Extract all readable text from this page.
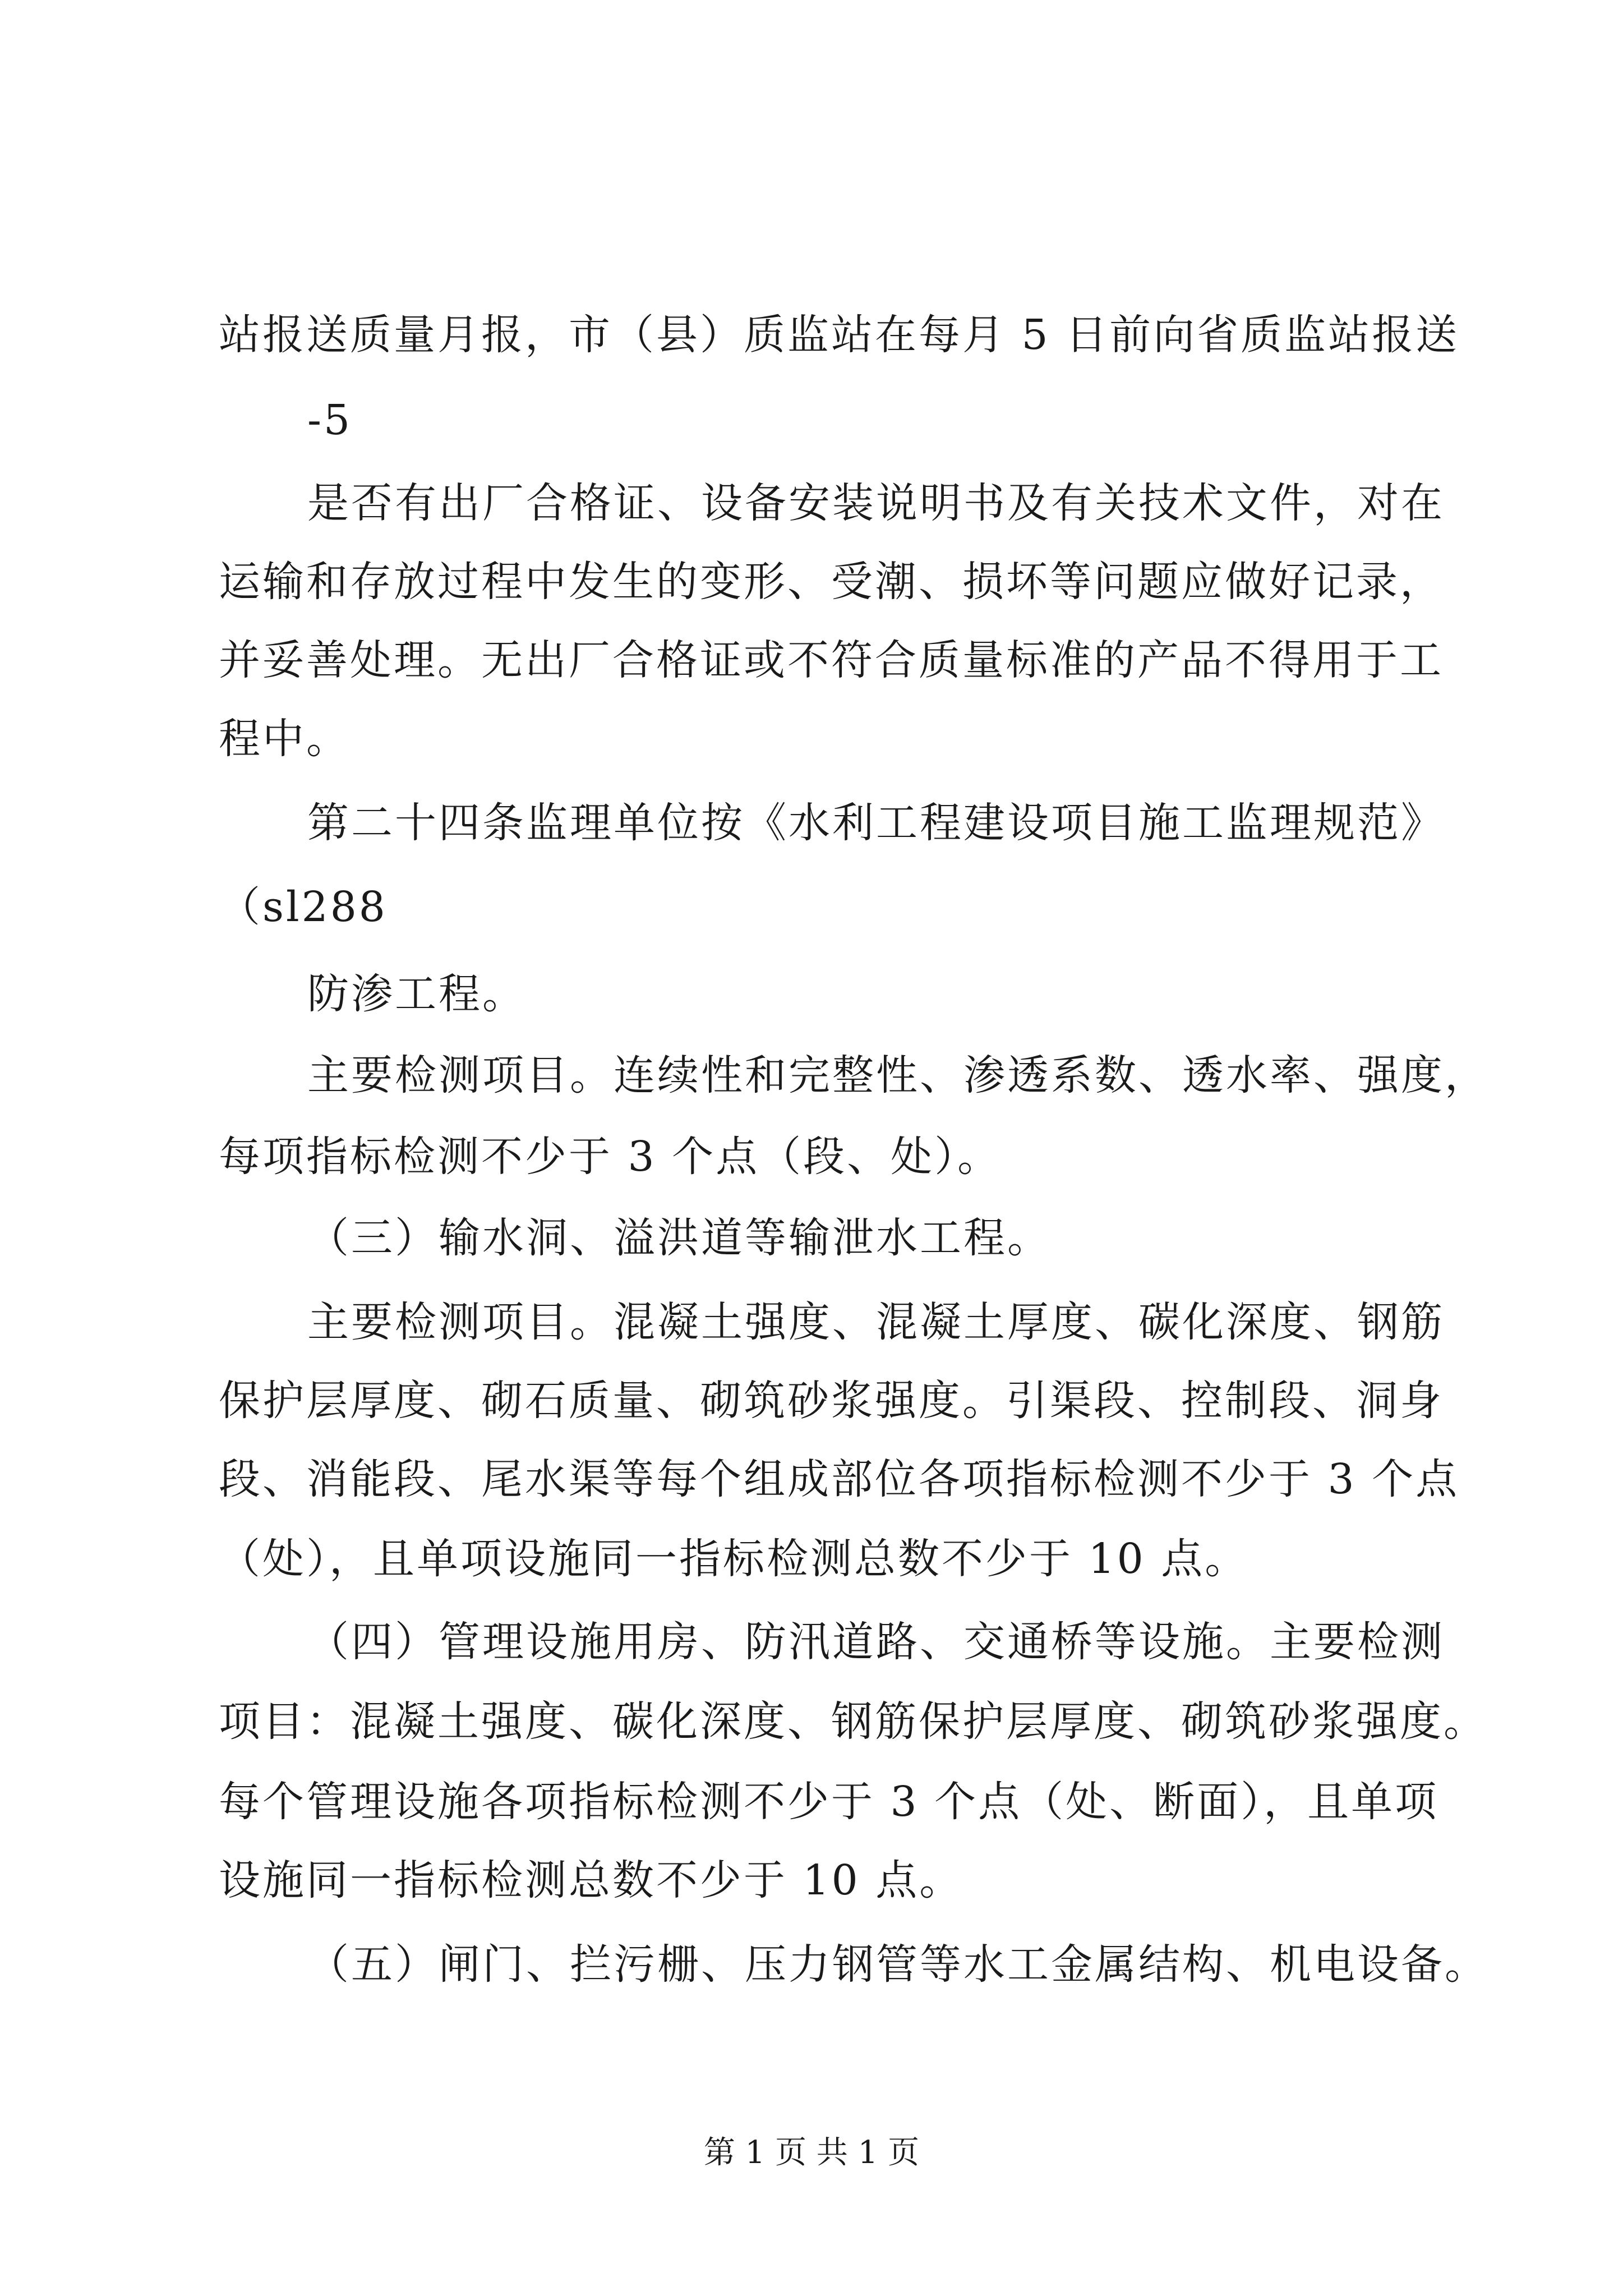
站报送质量月报，市（县）质监站在每月 5 日前向省质监站报送
-5
是否有出厂合格证、设备安装说明书及有关技术文件，对在
运输和存放过程中发生的变形、受潮、损坏等问题应做好记录，
并妥善处理。无出厂合格证或不符合质量标准的产品不得用于工
程中。
第二十四条监理单位按《水利工程建设项目施工监理规范》
（sl288
防渗工程。
主要检测项目。连续性和完整性、渗透系数、透水率、强度，
每项指标检测不少于 3 个点（段、处）。
（三）输水洞、溢洪道等输泄水工程。
主要检测项目。混凝土强度、混凝土厚度、碳化深度、钢筋
保护层厚度、砌石质量、砌筑砂浆强度。引渠段、控制段、洞身
段、消能段、尾水渠等每个组成部位各项指标检测不少于 3 个点
（处），且单项设施同一指标检测总数不少于 10 点。
（四）管理设施用房、防汛道路、交通桥等设施。主要检测
项目：混凝土强度、碳化深度、钢筋保护层厚度、砌筑砂浆强度。
每个管理设施各项指标检测不少于 3 个点（处、断面），且单项
设施同一指标检测总数不少于 10 点。
（五）闸门、拦污栅、压力钢管等水工金属结构、机电设备。
第 1 页 共 1 页
